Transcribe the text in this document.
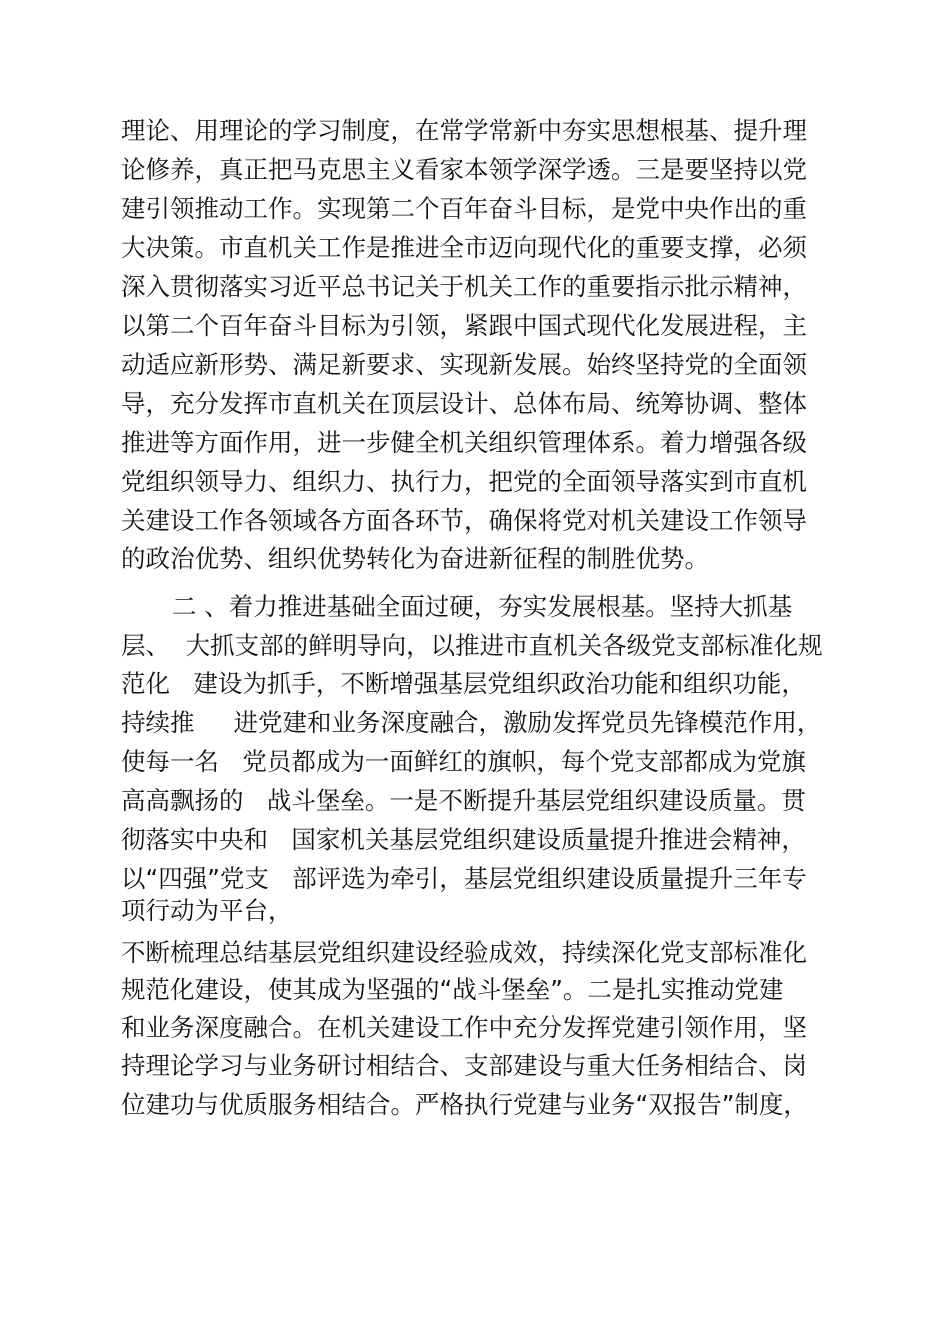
理论、用理论的学习制度，在常学常新中夯实思想根基、提升理
论修养，真正把马克思主义看家本领学深学透。三是要坚持以党
建引领推动工作。实现第二个百年奋斗目标，是党中央作出的重
大决策。市直机关工作是推进全市迈向现代化的重要支撑，必须
深入贯彻落实习近平总书记关于机关工作的重要指示批示精神，
以第二个百年奋斗目标为引领，紧跟中国式现代化发展进程，主
动适应新形势、满足新要求、实现新发展。始终坚持党的全面领
导，充分发挥市直机关在顶层设计、总体布局、统筹协调、整体
推进等方面作用，进一步健全机关组织管理体系。着力增强各级
党组织领导力、组织力、执行力，把党的全面领导落实到市直机
关建设工作各领域各方面各环节，确保将党对机关建设工作领导
的政治优势、组织优势转化为奋进新征程的制胜优势。
二 、着力推进基础全面过硬，夯实发展根基。坚持大抓基
层、  大抓支部的鲜明导向，以推进市直机关各级党支部标准化规
范化   建设为抓手，不断增强基层党组织政治功能和组织功能，
持续推     进党建和业务深度融合，激励发挥党员先锋模范作用，
使每一名   党员都成为一面鲜红的旗帜，每个党支部都成为党旗
高高飘扬的   战斗堡垒。一是不断提升基层党组织建设质量。贯
彻落实中央和   国家机关基层党组织建设质量提升推进会精神，
以“四强”党支   部评选为牵引，基层党组织建设质量提升三年专
项行动为平台，
不断梳理总结基层党组织建设经验成效，持续深化党支部标准化
规范化建设，使其成为坚强的“战斗堡垒”。二是扎实推动党建
和业务深度融合。在机关建设工作中充分发挥党建引领作用，坚
持理论学习与业务研讨相结合、支部建设与重大任务相结合、岗
位建功与优质服务相结合。严格执行党建与业务“双报告”制度，
